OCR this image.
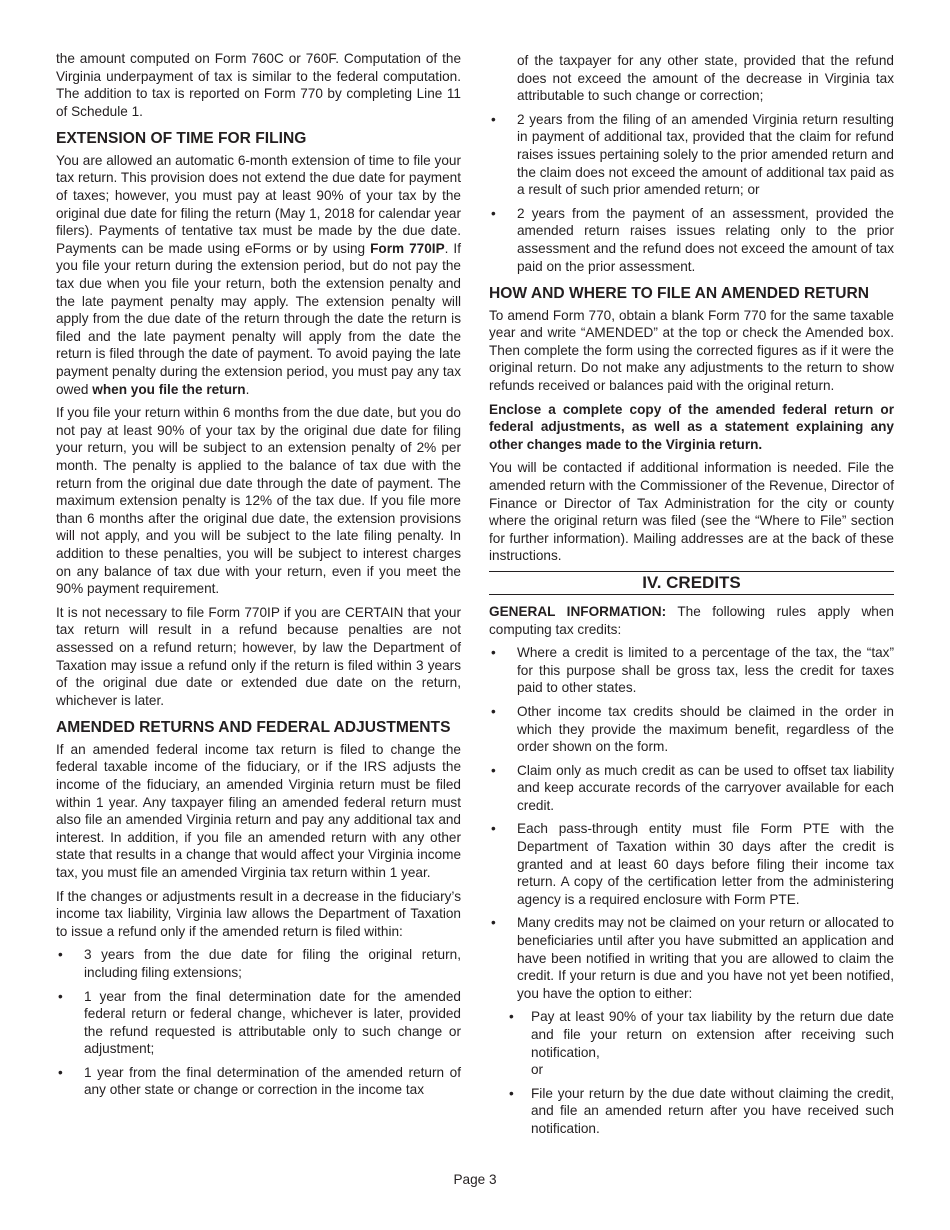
the amount computed on Form 760C or 760F. Computation of the Virginia underpayment of tax is similar to the federal computation. The addition to tax is reported on Form 770 by completing Line 11 of Schedule 1.

EXTENSION OF TIME FOR FILING

You are allowed an automatic 6-month extension of time to file your tax return. This provision does not extend the due date for payment of taxes; however, you must pay at least 90% of your tax by the original due date for filing the return (May 1, 2018 for calendar year filers). Payments of tentative tax must be made by the due date. Payments can be made using eForms or by using Form 770IP. If you file your return during the extension period, but do not pay the tax due when you file your return, both the extension penalty and the late payment penalty may apply. The extension penalty will apply from the due date of the return through the date the return is filed and the late payment penalty will apply from the date the return is filed through the date of payment. To avoid paying the late payment penalty during the extension period, you must pay any tax owed when you file the return.

If you file your return within 6 months from the due date, but you do not pay at least 90% of your tax by the original due date for filing your return, you will be subject to an extension penalty of 2% per month. The penalty is applied to the balance of tax due with the return from the original due date through the date of payment. The maximum extension penalty is 12% of the tax due. If you file more than 6 months after the original due date, the extension provisions will not apply, and you will be subject to the late filing penalty. In addition to these penalties, you will be subject to interest charges on any balance of tax due with your return, even if you meet the 90% payment requirement.

It is not necessary to file Form 770IP if you are CERTAIN that your tax return will result in a refund because penalties are not assessed on a refund return; however, by law the Department of Taxation may issue a refund only if the return is filed within 3 years of the original due date or extended due date on the return, whichever is later.

AMENDED RETURNS AND FEDERAL ADJUSTMENTS

If an amended federal income tax return is filed to change the federal taxable income of the fiduciary, or if the IRS adjusts the income of the fiduciary, an amended Virginia return must be filed within 1 year. Any taxpayer filing an amended federal return must also file an amended Virginia return and pay any additional tax and interest. In addition, if you file an amended return with any other state that results in a change that would affect your Virginia income tax, you must file an amended Virginia tax return within 1 year.

If the changes or adjustments result in a decrease in the fiduciary’s income tax liability, Virginia law allows the Department of Taxation to issue a refund only if the amended return is filed within:

• 3 years from the due date for filing the original return, including filing extensions;
• 1 year from the final determination date for the amended federal return or federal change, whichever is later, provided the refund requested is attributable only to such change or adjustment;
• 1 year from the final determination of the amended return of any other state or change or correction in the income tax
of the taxpayer for any other state, provided that the refund does not exceed the amount of the decrease in Virginia tax attributable to such change or correction;
• 2 years from the filing of an amended Virginia return resulting in payment of additional tax, provided that the claim for refund raises issues pertaining solely to the prior amended return and the claim does not exceed the amount of additional tax paid as a result of such prior amended return; or
• 2 years from the payment of an assessment, provided the amended return raises issues relating only to the prior assessment and the refund does not exceed the amount of tax paid on the prior assessment.
HOW AND WHERE TO FILE AN AMENDED RETURN

To amend Form 770, obtain a blank Form 770 for the same taxable year and write “AMENDED” at the top or check the Amended box. Then complete the form using the corrected figures as if it were the original return. Do not make any adjustments to the return to show refunds received or balances paid with the original return.

Enclose a complete copy of the amended federal return or federal adjustments, as well as a statement explaining any other changes made to the Virginia return.

You will be contacted if additional information is needed. File the amended return with the Commissioner of the Revenue, Director of Finance or Director of Tax Administration for the city or county where the original return was filed (see the “Where to File” section for further information). Mailing addresses are at the back of these instructions.

IV. CREDITS

GENERAL INFORMATION: The following rules apply when computing tax credits:

• Where a credit is limited to a percentage of the tax, the “tax” for this purpose shall be gross tax, less the credit for taxes paid to other states.
• Other income tax credits should be claimed in the order in which they provide the maximum benefit, regardless of the order shown on the form.
• Claim only as much credit as can be used to offset tax liability and keep accurate records of the carryover available for each credit.
• Each pass-through entity must file Form PTE with the Department of Taxation within 30 days after the credit is granted and at least 60 days before filing their income tax return. A copy of the certification letter from the administering agency is a required enclosure with Form PTE.
• Many credits may not be claimed on your return or allocated to beneficiaries until after you have submitted an application and have been notified in writing that you are allowed to claim the credit. If your return is due and you have not yet been notified, you have the option to either:
• Pay at least 90% of your tax liability by the return due date and file your return on extension after receiving such notification,
or
• File your return by the due date without claiming the credit, and file an amended return after you have received such notification.
Page 3
